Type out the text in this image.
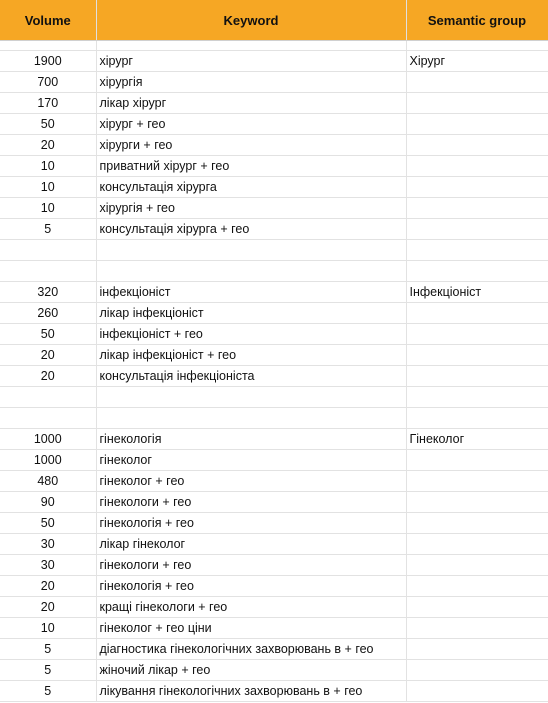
Volume	Keyword	Semantic group

1900	хірург	Хірург
700	хірургія	
170	лікар хірург	
50	хірург + гео	
20	хірурги + гео	
10	приватний хірург + гео	
10	консультація хірурга	
10	хірургія + гео	
5	консультація хірурга + гео	

320	інфекціоніст	Інфекціоніст
260	лікар інфекціоніст	
50	інфекціоніст + гео	
20	лікар інфекціоніст + гео	
20	консультація інфекціоніста	

1000	гінекологія	Гінеколог
1000	гінеколог	
480	гінеколог + гео	
90	гінекологи + гео	
50	гінекологія + гео	
30	лікар гінеколог	
30	гінекологи + гео	
20	гінекологія + гео	
20	кращі гінекологи + гео	
10	гінеколог + гео ціни	
5	діагностика гінекологічних захворювань в + гео	
5	жіночий лікар + гео	
5	лікування гінекологічних захворювань в + гео	
